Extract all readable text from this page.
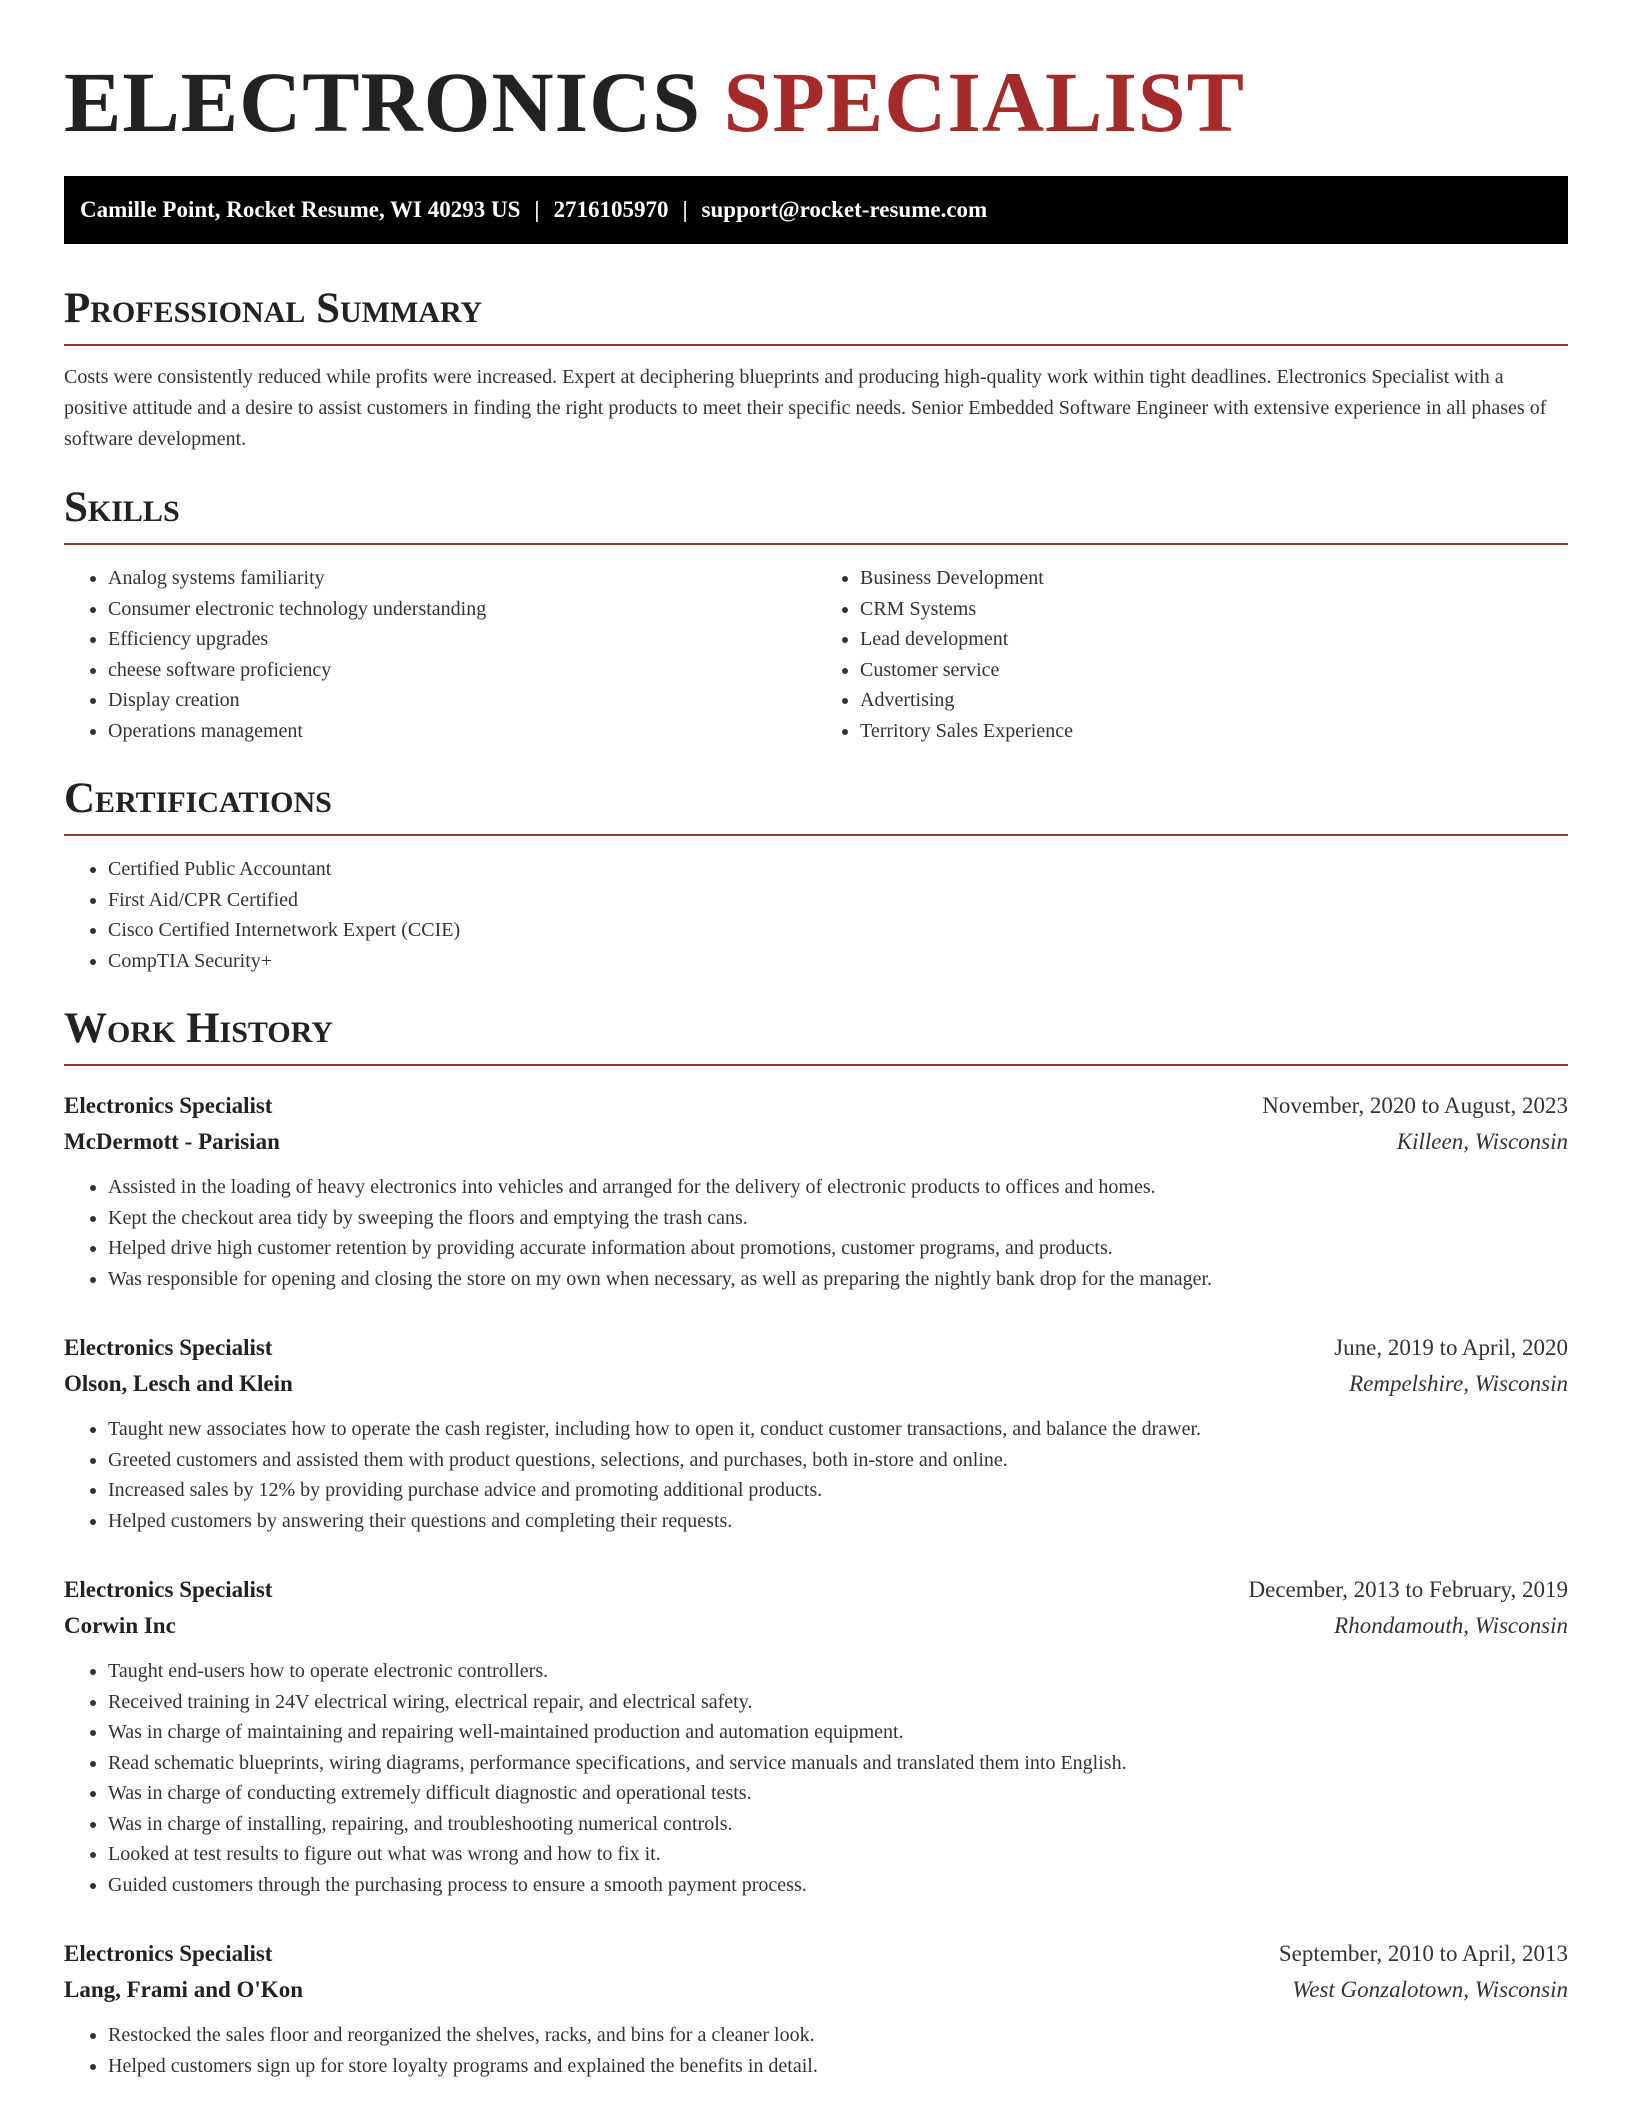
ELECTRONICS SPECIALIST
Camille Point, Rocket Resume, WI 40293 US | 2716105970 | support@rocket-resume.com
Professional Summary

Costs were consistently reduced while profits were increased. Expert at deciphering blueprints and producing high-quality work within tight deadlines. Electronics Specialist with a positive attitude and a desire to assist customers in finding the right products to meet their specific needs. Senior Embedded Software Engineer with extensive experience in all phases of software development.

Skills
• Analog systems familiarity
• Consumer electronic technology understanding
• Efficiency upgrades
• cheese software proficiency
• Display creation
• Operations management
• Business Development
• CRM Systems
• Lead development
• Customer service
• Advertising
• Territory Sales Experience
Certifications
• Certified Public Accountant
• First Aid/CPR Certified
• Cisco Certified Internetwork Expert (CCIE)
• CompTIA Security+
Work History
Electronics Specialist	November, 2020 to August, 2023
McDermott - Parisian	Killeen, Wisconsin
• Assisted in the loading of heavy electronics into vehicles and arranged for the delivery of electronic products to offices and homes.
• Kept the checkout area tidy by sweeping the floors and emptying the trash cans.
• Helped drive high customer retention by providing accurate information about promotions, customer programs, and products.
• Was responsible for opening and closing the store on my own when necessary, as well as preparing the nightly bank drop for the manager.
Electronics Specialist	June, 2019 to April, 2020
Olson, Lesch and Klein	Rempelshire, Wisconsin
• Taught new associates how to operate the cash register, including how to open it, conduct customer transactions, and balance the drawer.
• Greeted customers and assisted them with product questions, selections, and purchases, both in-store and online.
• Increased sales by 12% by providing purchase advice and promoting additional products.
• Helped customers by answering their questions and completing their requests.
Electronics Specialist	December, 2013 to February, 2019
Corwin Inc	Rhondamouth, Wisconsin
• Taught end-users how to operate electronic controllers.
• Received training in 24V electrical wiring, electrical repair, and electrical safety.
• Was in charge of maintaining and repairing well-maintained production and automation equipment.
• Read schematic blueprints, wiring diagrams, performance specifications, and service manuals and translated them into English.
• Was in charge of conducting extremely difficult diagnostic and operational tests.
• Was in charge of installing, repairing, and troubleshooting numerical controls.
• Looked at test results to figure out what was wrong and how to fix it.
• Guided customers through the purchasing process to ensure a smooth payment process.
Electronics Specialist	September, 2010 to April, 2013
Lang, Frami and O'Kon	West Gonzalotown, Wisconsin
• Restocked the sales floor and reorganized the shelves, racks, and bins for a cleaner look.
• Helped customers sign up for store loyalty programs and explained the benefits in detail.
